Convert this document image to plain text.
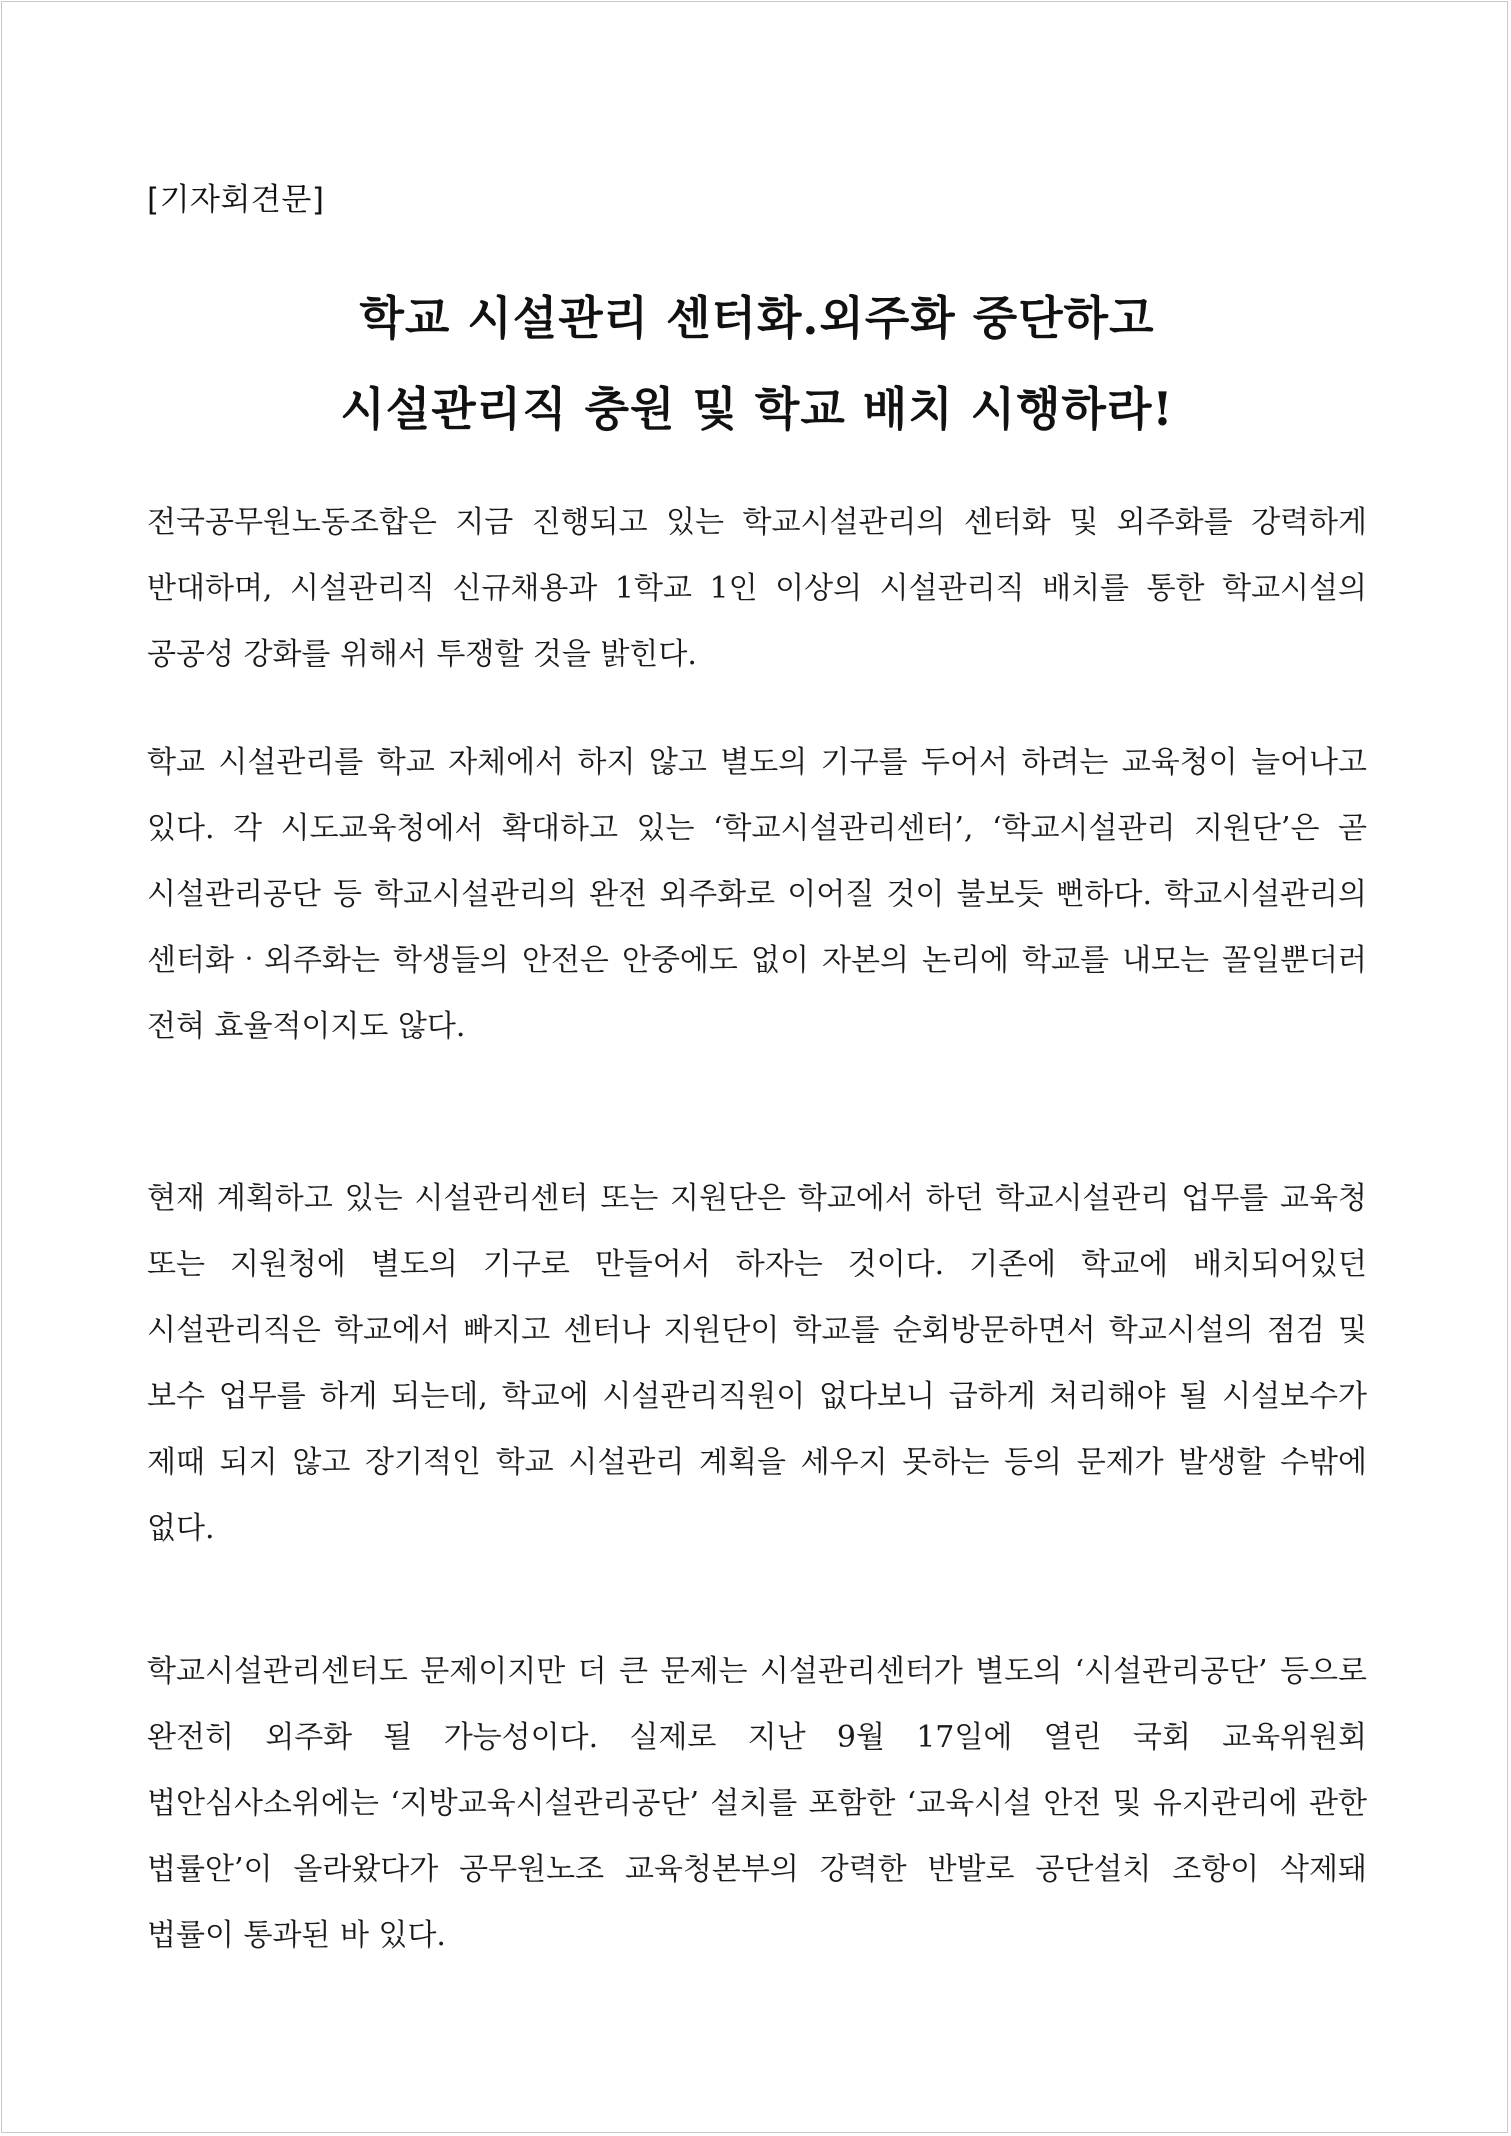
[기자회견문]
학교 시설관리 센터화.외주화 중단하고
시설관리직 충원 및 학교 배치 시행하라!

전국공무원노동조합은 지금 진행되고 있는 학교시설관리의 센터화 및 외주화를 강력하게 반대하며, 시설관리직 신규채용과 1학교 1인 이상의 시설관리직 배치를 통한 학교시설의 공공성 강화를 위해서 투쟁할 것을 밝힌다.

학교 시설관리를 학교 자체에서 하지 않고 별도의 기구를 두어서 하려는 교육청이 늘어나고 있다. 각 시도교육청에서 확대하고 있는 ‘학교시설관리센터’, ‘학교시설관리 지원단’은 곧 시설관리공단 등 학교시설관리의 완전 외주화로 이어질 것이 불보듯 뻔하다. 학교시설관리의 센터화‧외주화는 학생들의 안전은 안중에도 없이 자본의 논리에 학교를 내모는 꼴일뿐더러 전혀 효율적이지도 않다.

현재 계획하고 있는 시설관리센터 또는 지원단은 학교에서 하던 학교시설관리 업무를 교육청 또는 지원청에 별도의 기구로 만들어서 하자는 것이다. 기존에 학교에 배치되어있던 시설관리직은 학교에서 빠지고 센터나 지원단이 학교를 순회방문하면서 학교시설의 점검 및 보수 업무를 하게 되는데, 학교에 시설관리직원이 없다보니 급하게 처리해야 될 시설보수가 제때 되지 않고 장기적인 학교 시설관리 계획을 세우지 못하는 등의 문제가 발생할 수밖에 없다.

학교시설관리센터도 문제이지만 더 큰 문제는 시설관리센터가 별도의 ‘시설관리공단’ 등으로 완전히 외주화 될 가능성이다. 실제로 지난 9월 17일에 열린 국회 교육위원회 법안심사소위에는 ‘지방교육시설관리공단’ 설치를 포함한 ‘교육시설 안전 및 유지관리에 관한 법률안’이 올라왔다가 공무원노조 교육청본부의 강력한 반발로 공단설치 조항이 삭제돼 법률이 통과된 바 있다.
